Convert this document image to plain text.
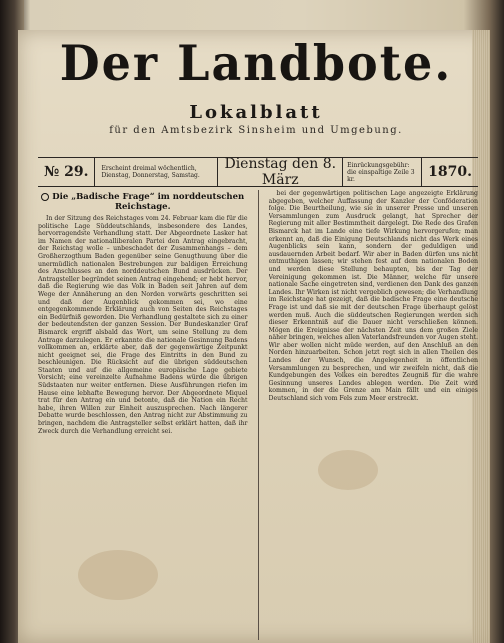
Der Landbote.
Lokalblatt
für den Amtsbezirk Sinsheim und Umgebung.
№ 29.	Erscheint dreimal wöchentlich, Dienstag, Donnerstag, Samstag.
Dienstag den 8. März
Einrückungsgebühr: die einspaltige Zeile 3 kr.	1870.
Die „Badische Frage“ im norddeutschen Reichstage.

In der Sitzung des Reichstages vom 24. Februar kam die für die politische Lage Süddeutschlands, insbesondere des Landes, hervorragendste Verhandlung statt. Der Abgeordnete Lasker hat im Namen der nationalliberalen Partei den Antrag eingebracht, der Reichstag wolle – unbeschadet der Zusammenhangs – dem Großherzogthum Baden gegenüber seine Genugthuung über die unermüdlich nationalen Bestrebungen zur baldigen Erreichung des Anschlusses an den norddeutschen Bund ausdrücken. Der Antragsteller begründet seinen Antrag eingehend; er hebt hervor, daß die Regierung wie das Volk in Baden seit Jahren auf dem Wege der Annäherung an den Norden vorwärts geschritten sei und daß der Augenblick gekommen sei, wo eine entgegenkommende Erklärung auch von Seiten des Reichstages ein Bedürfniß geworden. Die Verhandlung gestaltete sich zu einer der bedeutendsten der ganzen Session. Der Bundeskanzler Graf Bismarck ergriff alsbald das Wort, um seine Stellung zu dem Antrage darzulegen. Er erkannte die nationale Gesinnung Badens vollkommen an, erklärte aber, daß der gegenwärtige Zeitpunkt nicht geeignet sei, die Frage des Eintritts in den Bund zu beschleunigen. Die Rücksicht auf die übrigen süddeutschen Staaten und auf die allgemeine europäische Lage gebiete Vorsicht; eine vereinzelte Aufnahme Badens würde die übrigen Südstaaten nur weiter entfernen. Diese Ausführungen riefen im Hause eine lebhafte Bewegung hervor. Der Abgeordnete Miquel trat für den Antrag ein und betonte, daß die Nation ein Recht habe, ihren Willen zur Einheit auszusprechen. Nach längerer Debatte wurde beschlossen, den Antrag nicht zur Abstimmung zu bringen, nachdem die Antragsteller selbst erklärt hatten, daß ihr Zweck durch die Verhandlung erreicht sei.

bei der gegenwärtigen politischen Lage angezeigte Erklärung abgegeben, welcher Auffassung der Kanzler der Conföderation folge. Die Beurtheilung, wie sie in unserer Presse und unseren Versammlungen zum Ausdruck gelangt, hat Sprecher der Regierung mit aller Bestimmtheit dargelegt. Die Rede des Grafen Bismarck hat im Lande eine tiefe Wirkung hervorgerufen; man erkennt an, daß die Einigung Deutschlands nicht das Werk eines Augenblicks sein kann, sondern der geduldigen und ausdauernden Arbeit bedarf. Wir aber in Baden dürfen uns nicht entmuthigen lassen; wir stehen fest auf dem nationalen Boden und werden diese Stellung behaupten, bis der Tag der Vereinigung gekommen ist. Die Männer, welche für unsere nationale Sache eingetreten sind, verdienen den Dank des ganzen Landes. Ihr Wirken ist nicht vergeblich gewesen; die Verhandlung im Reichstage hat gezeigt, daß die badische Frage eine deutsche Frage ist und daß sie mit der deutschen Frage überhaupt gelöst werden muß. Auch die süddeutschen Regierungen werden sich dieser Erkenntniß auf die Dauer nicht verschließen können. Mögen die Ereignisse der nächsten Zeit uns dem großen Ziele näher bringen, welches allen Vaterlandsfreunden vor Augen steht. Wir aber wollen nicht müde werden, auf den Anschluß an den Norden hinzuarbeiten. Schon jetzt regt sich in allen Theilen des Landes der Wunsch, die Angelegenheit in öffentlichen Versammlungen zu besprechen, und wir zweifeln nicht, daß die Kundgebungen des Volkes ein beredtes Zeugniß für die wahre Gesinnung unseres Landes ablegen werden. Die Zeit wird kommen, in der die Grenze am Main fällt und ein einiges Deutschland sich vom Fels zum Meer erstreckt.
